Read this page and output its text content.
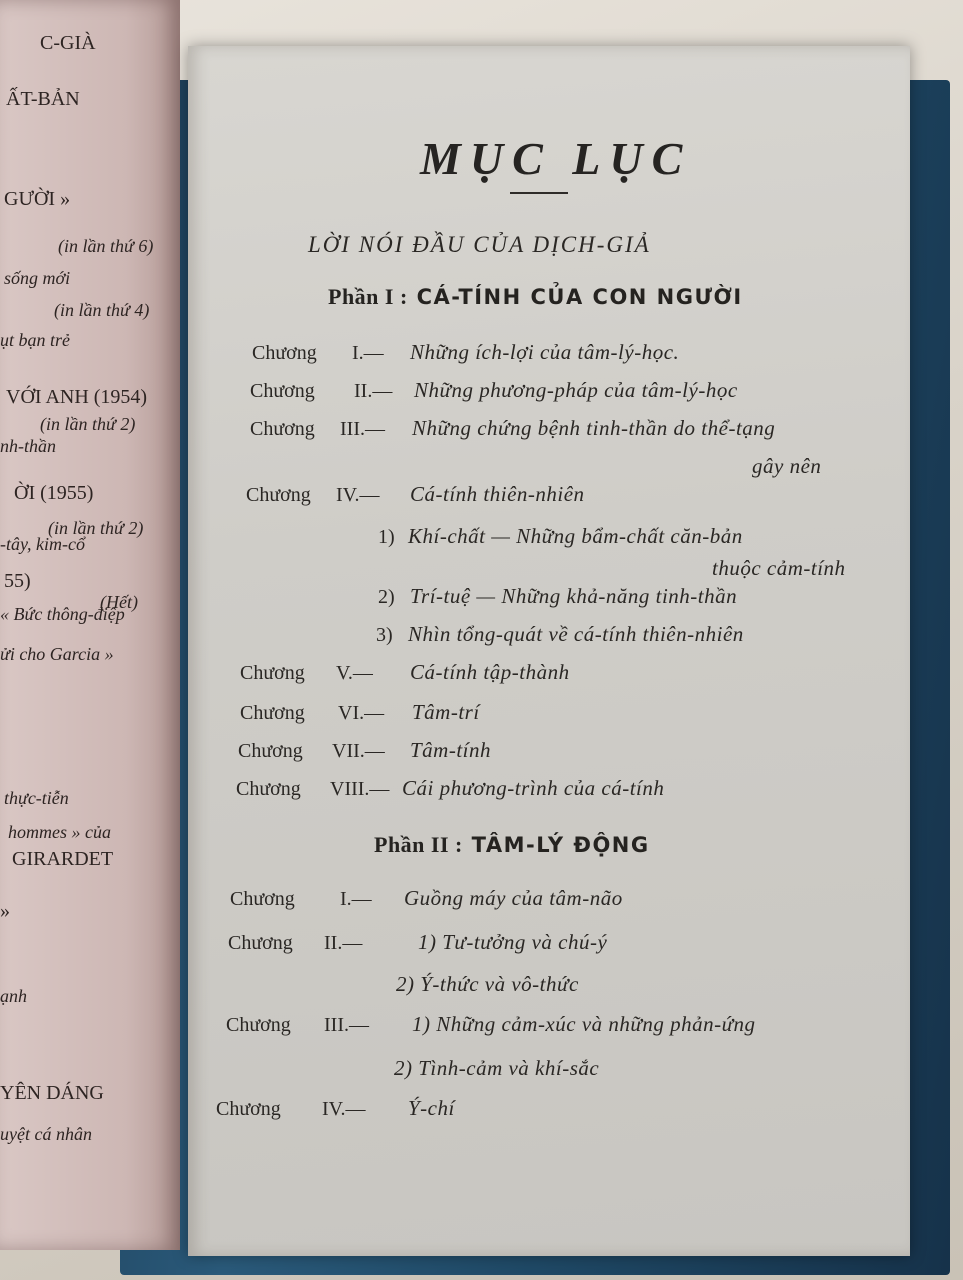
C-GIÀ
ẤT-BẢN
GƯỜI »
(in lần thứ 6)
sống mới
(in lần thứ 4)
ụt bạn trẻ
VỚI ANH (1954)
(in lần thứ 2)
nh-thần
ỜI (1955)
(in lần thứ 2)
-tây, kim-cổ
55)
(Hết)
« Bức thông-điệp
ửi cho Garcia »
thực-tiễn
hommes » của
GIRARDET
»
ạnh
YÊN DÁNG
uyệt cá nhân
MỤC LỤC
LỜI NÓI ĐẦU CỦA DỊCH-GIẢ
Phần I : CÁ-TÍNH CỦA CON NGƯỜI
Chương I.— Những ích-lợi của tâm-lý-học.
Chương II.— Những phương-pháp của tâm-lý-học
Chương III.— Những chứng bệnh tinh-thần do thể-tạng
gây nên
Chương IV.— Cá-tính thiên-nhiên
1) Khí-chất — Những bẩm-chất căn-bản
thuộc cảm-tính
2) Trí-tuệ — Những khả-năng tinh-thần
3) Nhìn tổng-quát về cá-tính thiên-nhiên
Chương V.— Cá-tính tập-thành
Chương VI.— Tâm-trí
Chương VII.— Tâm-tính
Chương VIII.— Cái phương-trình của cá-tính
Phần II : TÂM-LÝ ĐỘNG
Chương I.— Guồng máy của tâm-não
Chương II.—	1) Tư-tưởng và chú-ý
2) Ý-thức và vô-thức
Chương III.— 1) Những cảm-xúc và những phản-ứng
2) Tình-cảm và khí-sắc
Chương IV.— Ý-chí
